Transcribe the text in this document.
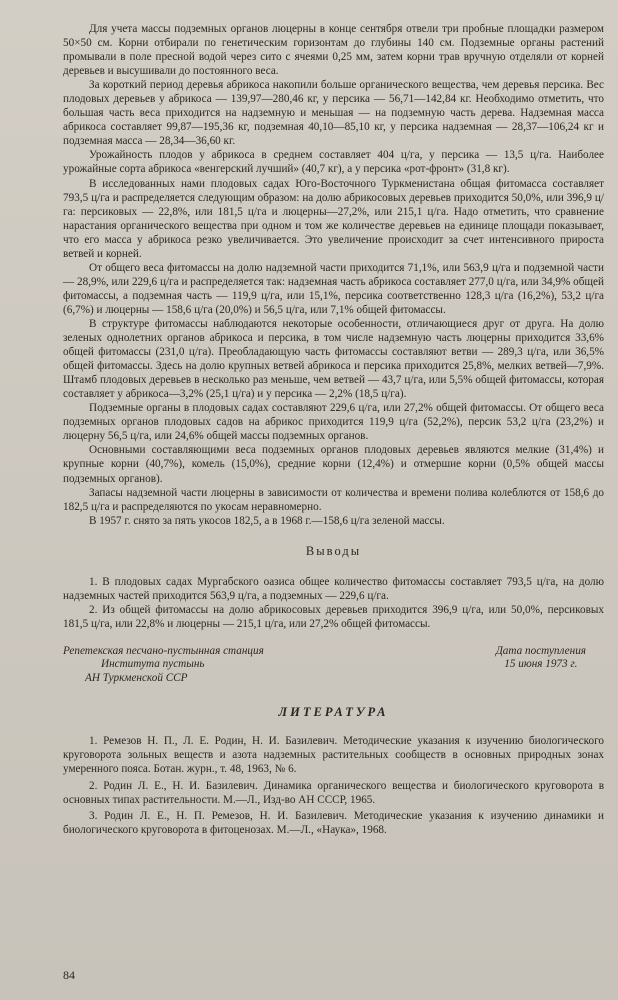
Для учета массы подземных органов люцерны в конце сентября отвели три пробные площадки размером 50×50 см. Корни отбирали по генетическим горизонтам до глубины 140 см. Подземные органы растений промывали в поле пресной водой через сито с ячеями 0,25 мм, затем корни трав вручную отделяли от корней деревьев и высушивали до постоянного веса.

За короткий период деревья абрикоса накопили больше органического вещества, чем деревья персика. Вес плодовых деревьев у абрикоса — 139,97—280,46 кг, у персика — 56,71—142,84 кг. Необходимо отметить, что большая часть веса приходится на надземную и меньшая — на подземную часть дерева. Надземная масса абрикоса составляет 99,87—195,36 кг, подземная 40,10—85,10 кг, у персика надземная — 28,37—106,24 кг и подземная масса — 28,34—36,60 кг.

Урожайность плодов у абрикоса в среднем составляет 404 ц/га, у персика — 13,5 ц/га. Наиболее урожайные сорта абрикоса «венгерский лучший» (40,7 кг), а у персика «рот-фронт» (31,8 кг).

В исследованных нами плодовых садах Юго-Восточного Туркменистана общая фитомасса составляет 793,5 ц/га и распределяется следующим образом: на долю абрикосовых деревьев приходится 50,0%, или 396,9 ц/га: персиковых — 22,8%, или 181,5 ц/га и люцерны—27,2%, или 215,1 ц/га. Надо отметить, что сравнение нарастания органического вещества при одном и том же количестве деревьев на единице площади показывает, что его масса у абрикоса резко увеличивается. Это увеличение происходит за счет интенсивного прироста ветвей и корней.

От общего веса фитомассы на долю надземной части приходится 71,1%, или 563,9 ц/га и подземной части — 28,9%, или 229,6 ц/га и распределяется так: надземная часть абрикоса составляет 277,0 ц/га, или 34,9% общей фитомассы, а подземная часть — 119,9 ц/га, или 15,1%, персика соответственно 128,3 ц/га (16,2%), 53,2 ц/га (6,7%) и люцерны — 158,6 ц/га (20,0%) и 56,5 ц/га, или 7,1% общей фитомассы.

В структуре фитомассы наблюдаются некоторые особенности, отличающиеся друг от друга. На долю зеленых однолетних органов абрикоса и персика, в том числе надземную часть люцерны приходится 33,6% общей фитомассы (231,0 ц/га). Преобладающую часть фитомассы составляют ветви — 289,3 ц/га, или 36,5% общей фитомассы. Здесь на долю крупных ветвей абрикоса и персика приходится 25,8%, мелких ветвей—7,9%. Штамб плодовых деревьев в несколько раз меньше, чем ветвей — 43,7 ц/га, или 5,5% общей фитомассы, которая составляет у абрикоса—3,2% (25,1 ц/га) и у персика — 2,2% (18,5 ц/га).

Подземные органы в плодовых садах составляют 229,6 ц/га, или 27,2% общей фитомассы. От общего веса подземных органов плодовых садов на абрикос приходится 119,9 ц/га (52,2%), персик 53,2 ц/га (23,2%) и люцерну 56,5 ц/га, или 24,6% общей массы подземных органов.

Основными составляющими веса подземных органов плодовых деревьев являются мелкие (31,4%) и крупные корни (40,7%), комель (15,0%), средние корни (12,4%) и отмершие корни (0,5% общей массы подземных органов).

Запасы надземной части люцерны в зависимости от количества и времени полива колеблются от 158,6 до 182,5 ц/га и распределяются по укосам неравномерно.

В 1957 г. снято за пять укосов 182,5, а в 1968 г.—158,6 ц/га зеленой массы.

Выводы

1. В плодовых садах Мургабского оазиса общее количество фитомассы составляет 793,5 ц/га, на долю надземных частей приходится 563,9 ц/га, а подземных — 229,6 ц/га.

2. Из общей фитомассы на долю абрикосовых деревьев приходится 396,9 ц/га, или 50,0%, персиковых 181,5 ц/га, или 22,8% и люцерны — 215,1 ц/га, или 27,2% общей фитомассы.

Репетекская песчано-пустынная станция
Института пустынь
АН Туркменской ССР
Дата поступления
15 июня 1973 г.
ЛИТЕРАТУРА

1. Ремезов Н. П., Л. Е. Родин, Н. И. Базилевич. Методические указания к изучению биологического круговорота зольных веществ и азота надземных растительных сообществ в основных природных зонах умеренного пояса. Ботан. журн., т. 48, 1963, № 6.

2. Родин Л. Е., Н. И. Базилевич. Динамика органического вещества и биологического круговорота в основных типах растительности. М.—Л., Изд-во АН СССР, 1965.

3. Родин Л. Е., Н. П. Ремезов, Н. И. Базилевич. Методические указания к изучению динамики и биологического круговорота в фитоценозах. М.—Л., «Наука», 1968.

84
